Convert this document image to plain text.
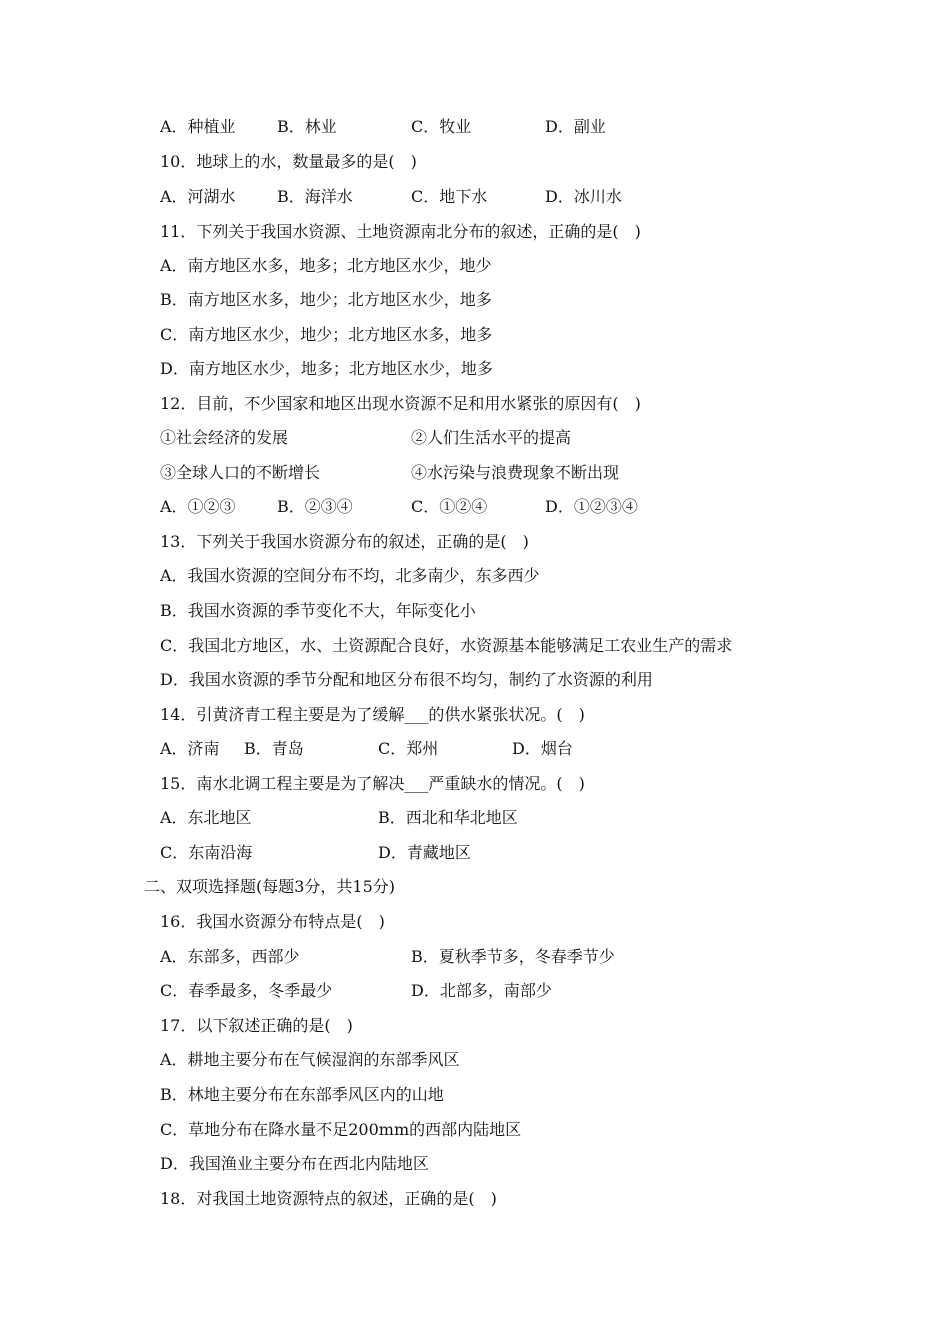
A．种植业	B．林业	C．牧业	D．副业
10．地球上的水，数量最多的是(　)
A．河湖水	B．海洋水	C．地下水	D．冰川水
11．下列关于我国水资源、土地资源南北分布的叙述，正确的是(　)
A．南方地区水多，地多；北方地区水少，地少
B．南方地区水多，地少；北方地区水少，地多
C．南方地区水少，地少；北方地区水多，地多
D．南方地区水少，地多；北方地区水少，地多
12．目前，不少国家和地区出现水资源不足和用水紧张的原因有(　)
①社会经济的发展	②人们生活水平的提高
③全球人口的不断增长	④水污染与浪费现象不断出现
A．①②③	B．②③④	C．①②④	D．①②③④
13．下列关于我国水资源分布的叙述，正确的是(　)
A．我国水资源的空间分布不均，北多南少，东多西少
B．我国水资源的季节变化不大，年际变化小
C．我国北方地区，水、土资源配合良好，水资源基本能够满足工农业生产的需求
D．我国水资源的季节分配和地区分布很不均匀，制约了水资源的利用
14．引黄济青工程主要是为了缓解___的供水紧张状况。(　)
A．济南 B．青岛	C．郑州	D．烟台
15．南水北调工程主要是为了解决___严重缺水的情况。(　)
A．东北地区	B．西北和华北地区
C．东南沿海	D．青藏地区
二、双项选择题(每题3分，共15分)
16．我国水资源分布特点是(　)
A．东部多，西部少	B．夏秋季节多，冬春季节少
C．春季最多，冬季最少	D．北部多，南部少
17．以下叙述正确的是(　)
A．耕地主要分布在气候湿润的东部季风区
B．林地主要分布在东部季风区内的山地
C．草地分布在降水量不足200mm的西部内陆地区
D．我国渔业主要分布在西北内陆地区
18．对我国土地资源特点的叙述，正确的是(　)
